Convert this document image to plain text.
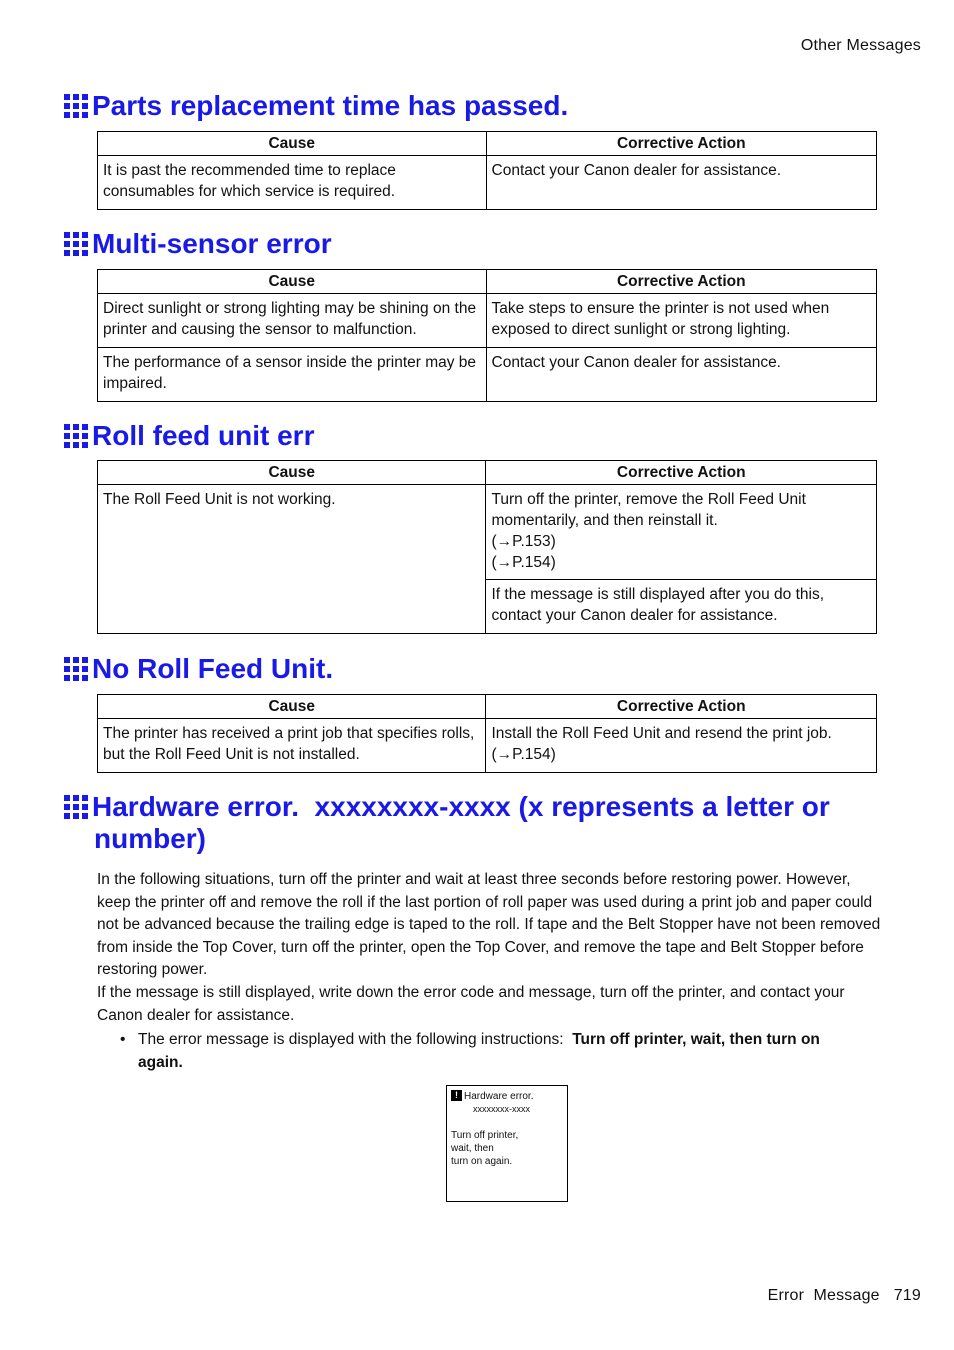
Other Messages
Parts replacement time has passed.
Cause	Corrective Action
It is past the recommended time to replace consumables for which service is required.	Contact your Canon dealer for assistance.
Multi-sensor error
Cause	Corrective Action
Direct sunlight or strong lighting may be shining on the printer and causing the sensor to malfunction.	Take steps to ensure the printer is not used when exposed to direct sunlight or strong lighting.
The performance of a sensor inside the printer may be impaired.	Contact your Canon dealer for assistance.
Roll feed unit err
Cause	Corrective Action
The Roll Feed Unit is not working.	Turn off the printer, remove the Roll Feed Unit momentarily, and then reinstall it.
(→P.153)
(→P.154)

	If the message is still displayed after you do this, contact your Canon dealer for assistance.
No Roll Feed Unit.
Cause	Corrective Action
The printer has received a print job that specifies rolls, but the Roll Feed Unit is not installed.	Install the Roll Feed Unit and resend the print job.
(→P.154)
Hardware error.  xxxxxxxx-xxxx (x represents a letter or
number)
In the following situations, turn off the printer and wait at least three seconds before restoring power. However, keep the printer off and remove the roll if the last portion of roll paper was used during a print job and paper could not be advanced because the trailing edge is taped to the roll. If tape and the Belt Stopper have not been removed from inside the Top Cover, turn off the printer, open the Top Cover, and remove the tape and Belt Stopper before restoring power.
If the message is still displayed, write down the error code and message, turn off the printer, and contact your Canon dealer for assistance.
• The error message is displayed with the following instructions:  Turn off printer, wait, then turn on again.
! Hardware error.
xxxxxxxx-xxxx
Turn off printer,
wait, then
turn on again.
Error  Message 719
